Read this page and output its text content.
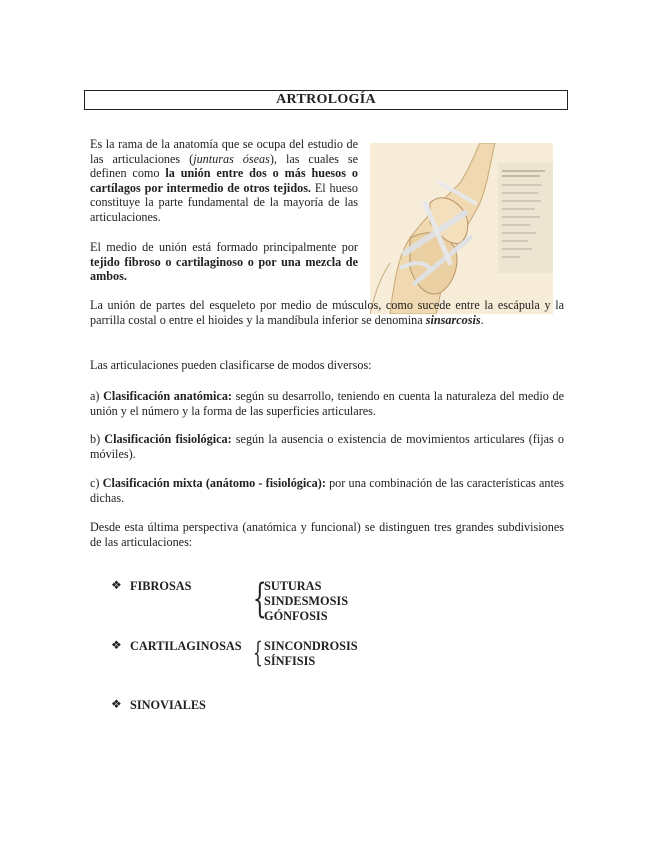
ARTROLOGÍA

Es la rama de la anatomía que se ocupa del estudio de las articulaciones (junturas óseas), las cuales se definen como la unión entre dos o más huesos o cartílagos por intermedio de otros tejidos. El hueso constituye la parte fundamental de la mayoría de las articulaciones.

El medio de unión está formado principalmente por tejido fibroso o cartilaginoso o por una mezcla de ambos.

La unión de partes del esqueleto por medio de músculos, como sucede entre la escápula y la parrilla costal o entre el hioides y la mandíbula inferior se denomina sinsarcosis.

Las articulaciones pueden clasificarse de modos diversos:

a) Clasificación anatómica: según su desarrollo, teniendo en cuenta la naturaleza del medio de unión y el número y la forma de las superficies articulares.

b) Clasificación fisiológica: según la ausencia o existencia de movimientos articulares (fijas o móviles).

c) Clasificación mixta (anátomo - fisiológica): por una combinación de las características antes dichas.

Desde esta última perspectiva (anatómica y funcional) se distinguen tres grandes subdivisiones de las articulaciones:

❖ FIBROSAS {
SUTURAS
SINDESMOSIS
GÓNFOSIS
❖ CARTILAGINOSAS { SINCONDROSIS
SÍNFISIS
❖ SINOVIALES
